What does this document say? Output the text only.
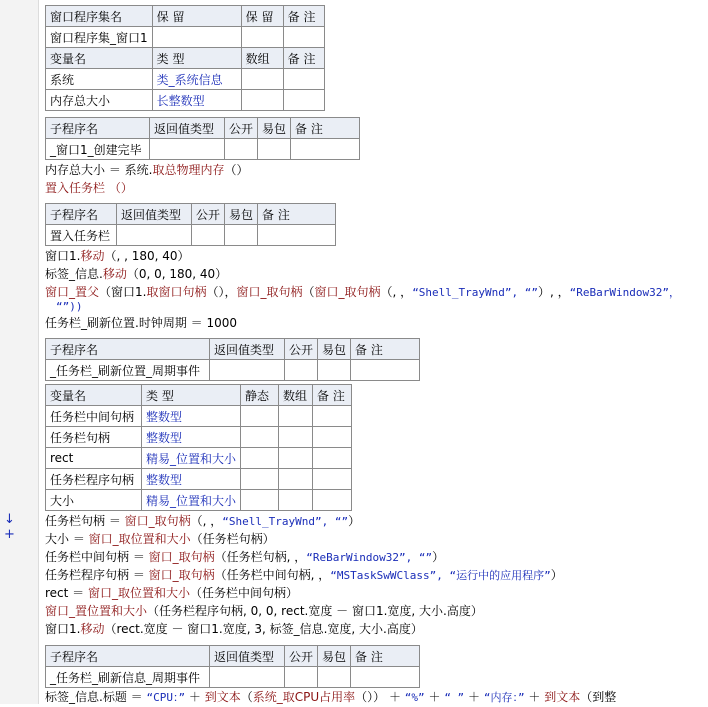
↓ +
窗口程序集名	保 留	保 留	备 注
窗口程序集_窗口1			
变量名	类 型	数组	备 注
系统	类_系统信息		
内存总大小	长整数型		
子程序名	返回值类型	公开	易包	备 注
_窗口1_创建完毕				
内存总大小 ＝ 系统.取总物理内存（）
置入任务栏 （）
子程序名	返回值类型	公开	易包	备 注
置入任务栏				
窗口1.移动（, , 180, 40）
标签_信息.移动（0, 0, 180, 40）
窗口_置父（窗口1.取窗口句柄（），窗口_取句柄（窗口_取句柄（, ，“Shell_TrayWnd”, “”）, ，“ReBarWindow32”，
“”))
任务栏_刷新位置.时钟周期 ＝ 1000
子程序名	返回值类型	公开	易包	备 注
_任务栏_刷新位置_周期事件				
变量名	类 型	静态	数组	备 注
任务栏中间句柄	整数型			
任务栏句柄	整数型			
rect	精易_位置和大小			
任务栏程序句柄	整数型			
大小	精易_位置和大小			
任务栏句柄 ＝ 窗口_取句柄（, ，“Shell_TrayWnd”, “”）
大小 ＝ 窗口_取位置和大小（任务栏句柄）
任务栏中间句柄 ＝ 窗口_取句柄（任务栏句柄, ，“ReBarWindow32”, “”）
任务栏程序句柄 ＝ 窗口_取句柄（任务栏中间句柄, ，“MSTaskSwWClass”, “运行中的应用程序”）
rect ＝ 窗口_取位置和大小（任务栏中间句柄）
窗口_置位置和大小（任务栏程序句柄, 0, 0, rect.宽度 － 窗口1.宽度, 大小.高度）
窗口1.移动（rect.宽度 － 窗口1.宽度, 3, 标签_信息.宽度, 大小.高度）
子程序名	返回值类型	公开	易包	备 注
_任务栏_刷新信息_周期事件				
标签_信息.标题 ＝ “CPU：” ＋ 到文本（系统_取CPU占用率（）） ＋ “%” ＋ “ ” ＋ “内存：” ＋ 到文本（到整
